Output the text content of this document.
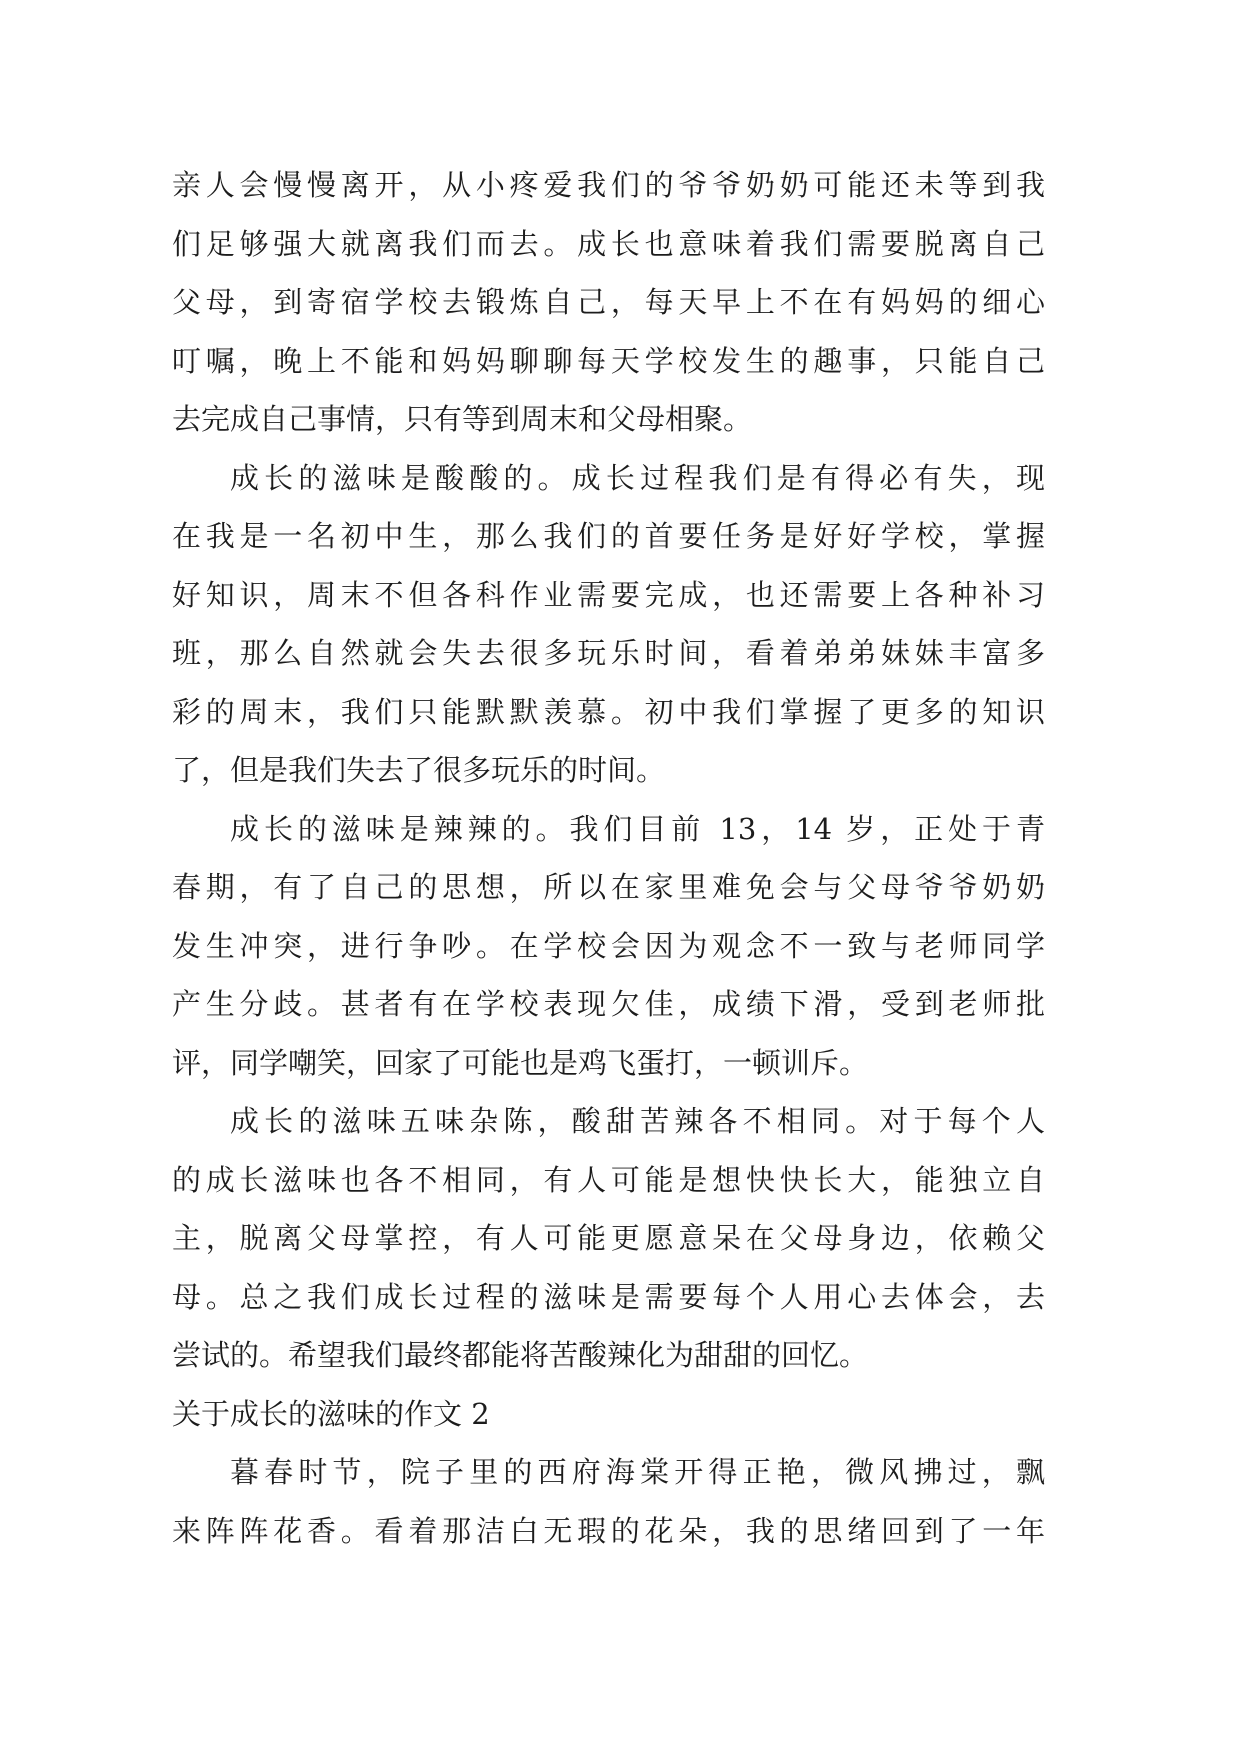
亲人会慢慢离开，从小疼爱我们的爷爷奶奶可能还未等到我
们足够强大就离我们而去。成长也意味着我们需要脱离自己
父母，到寄宿学校去锻炼自己，每天早上不在有妈妈的细心
叮嘱，晚上不能和妈妈聊聊每天学校发生的趣事，只能自己
去完成自己事情，只有等到周末和父母相聚。
成长的滋味是酸酸的。成长过程我们是有得必有失，现
在我是一名初中生，那么我们的首要任务是好好学校，掌握
好知识，周末不但各科作业需要完成，也还需要上各种补习
班，那么自然就会失去很多玩乐时间，看着弟弟妹妹丰富多
彩的周末，我们只能默默羡慕。初中我们掌握了更多的知识
了，但是我们失去了很多玩乐的时间。
成长的滋味是辣辣的。我们目前 13，14 岁，正处于青
春期，有了自己的思想，所以在家里难免会与父母爷爷奶奶
发生冲突，进行争吵。在学校会因为观念不一致与老师同学
产生分歧。甚者有在学校表现欠佳，成绩下滑，受到老师批
评，同学嘲笑，回家了可能也是鸡飞蛋打，一顿训斥。
成长的滋味五味杂陈，酸甜苦辣各不相同。对于每个人
的成长滋味也各不相同，有人可能是想快快长大，能独立自
主，脱离父母掌控，有人可能更愿意呆在父母身边，依赖父
母。总之我们成长过程的滋味是需要每个人用心去体会，去
尝试的。希望我们最终都能将苦酸辣化为甜甜的回忆。
关于成长的滋味的作文 2
暮春时节，院子里的西府海棠开得正艳，微风拂过，飘
来阵阵花香。看着那洁白无瑕的花朵，我的思绪回到了一年
